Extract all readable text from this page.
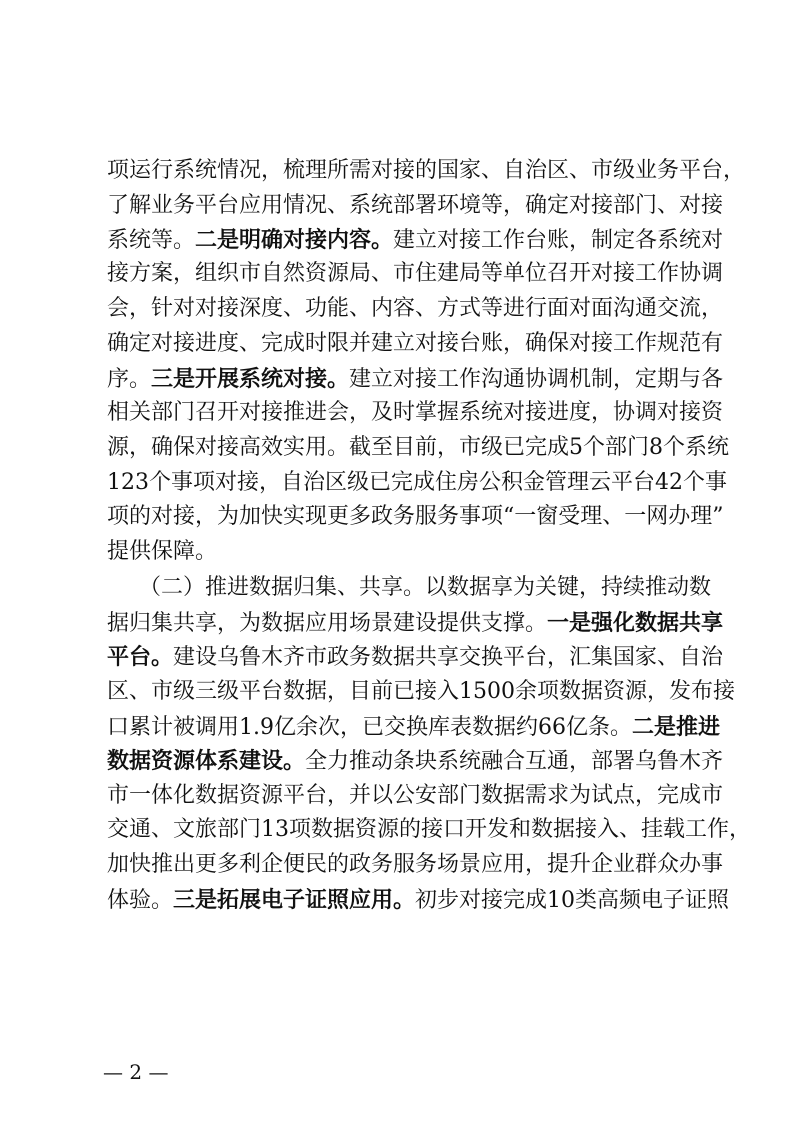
项运行系统情况，梳理所需对接的国家、自治区、市级业务平台，
了解业务平台应用情况、系统部署环境等，确定对接部门、对接
系统等。二是明确对接内容。建立对接工作台账，制定各系统对
接方案，组织市自然资源局、市住建局等单位召开对接工作协调
会，针对对接深度、功能、内容、方式等进行面对面沟通交流，
确定对接进度、完成时限并建立对接台账，确保对接工作规范有
序。三是开展系统对接。建立对接工作沟通协调机制，定期与各
相关部门召开对接推进会，及时掌握系统对接进度，协调对接资
源，确保对接高效实用。截至目前，市级已完成5个部门8个系统
123个事项对接，自治区级已完成住房公积金管理云平台42个事
项的对接，为加快实现更多政务服务事项“一窗受理、一网办理”
提供保障。
（二）推进数据归集、共享。以数据享为关键，持续推动数
据归集共享，为数据应用场景建设提供支撑。一是强化数据共享
平台。建设乌鲁木齐市政务数据共享交换平台，汇集国家、自治
区、市级三级平台数据，目前已接入1500余项数据资源，发布接
口累计被调用1.9亿余次，已交换库表数据约66亿条。二是推进
数据资源体系建设。全力推动条块系统融合互通，部署乌鲁木齐
市一体化数据资源平台，并以公安部门数据需求为试点，完成市
交通、文旅部门13项数据资源的接口开发和数据接入、挂载工作，
加快推出更多利企便民的政务服务场景应用，提升企业群众办事
体验。三是拓展电子证照应用。初步对接完成10类高频电子证照
— 2 —
